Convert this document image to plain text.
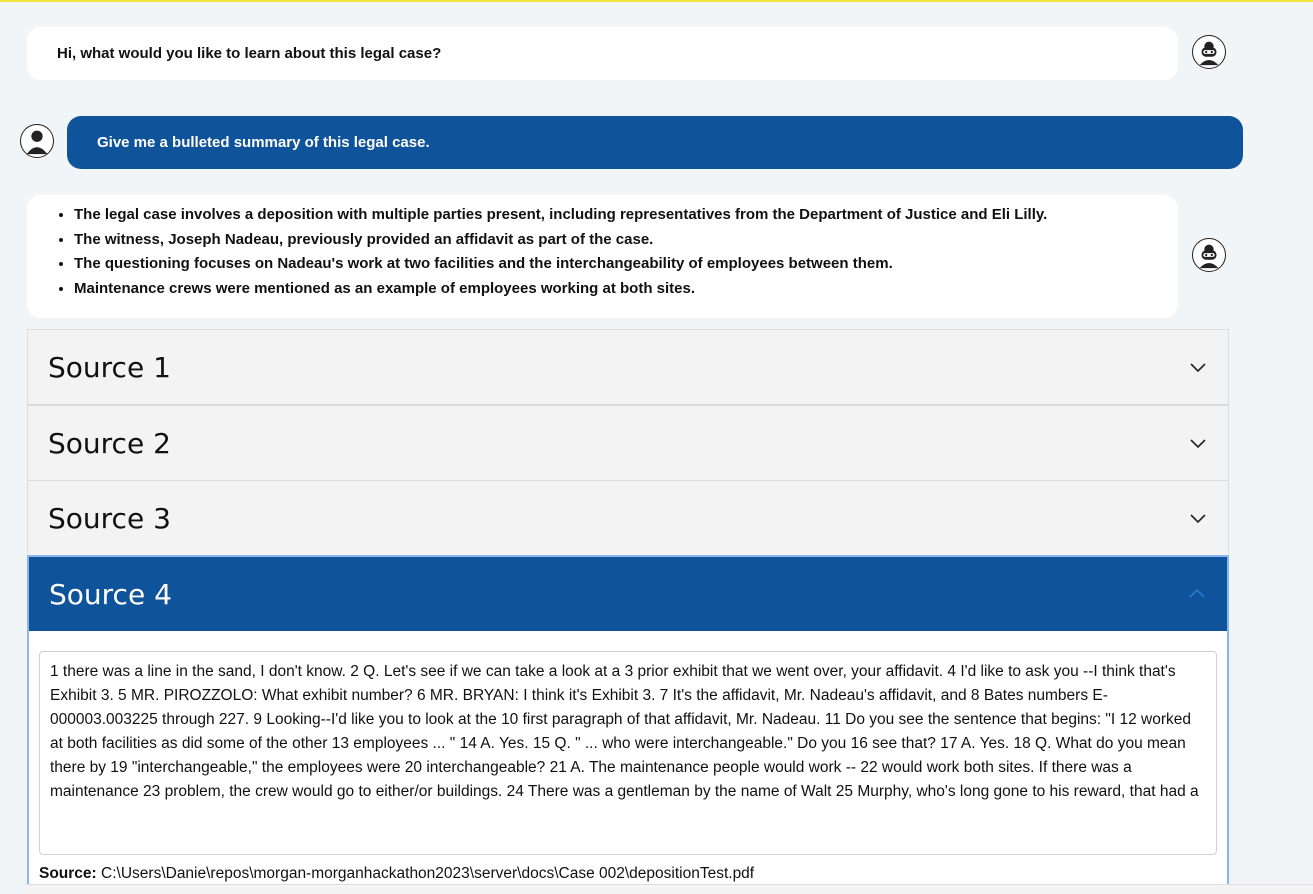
Hi, what would you like to learn about this legal case?
Give me a bulleted summary of this legal case.
• The legal case involves a deposition with multiple parties present, including representatives from the Department of Justice and Eli Lilly.
• The witness, Joseph Nadeau, previously provided an affidavit as part of the case.
• The questioning focuses on Nadeau's work at two facilities and the interchangeability of employees between them.
• Maintenance crews were mentioned as an example of employees working at both sites.
Source 1
Source 2
Source 3
Source 4
1 there was a line in the sand, I don't know. 2 Q. Let's see if we can take a look at a 3 prior exhibit that we went over, your affidavit. 4 I'd like to ask you --I think that's Exhibit 3. 5 MR. PIROZZOLO: What exhibit number? 6 MR. BRYAN: I think it's Exhibit 3. 7 It's the affidavit, Mr. Nadeau's affidavit, and 8 Bates numbers E-000003.003225 through 227. 9 Looking--I'd like you to look at the 10 first paragraph of that affidavit, Mr. Nadeau. 11 Do you see the sentence that begins: "I 12 worked at both facilities as did some of the other 13 employees ... " 14 A. Yes. 15 Q. " ... who were interchangeable." Do you 16 see that? 17 A. Yes. 18 Q. What do you mean there by 19 "interchangeable," the employees were 20 interchangeable? 21 A. The maintenance people would work -- 22 would work both sites. If there was a maintenance 23 problem, the crew would go to either/or buildings. 24 There was a gentleman by the name of Walt 25 Murphy, who's long gone to his reward, that had a
Source: C:\Users\Danie\repos\morgan-morganhackathon2023\server\docs\Case 002\depositionTest.pdf
